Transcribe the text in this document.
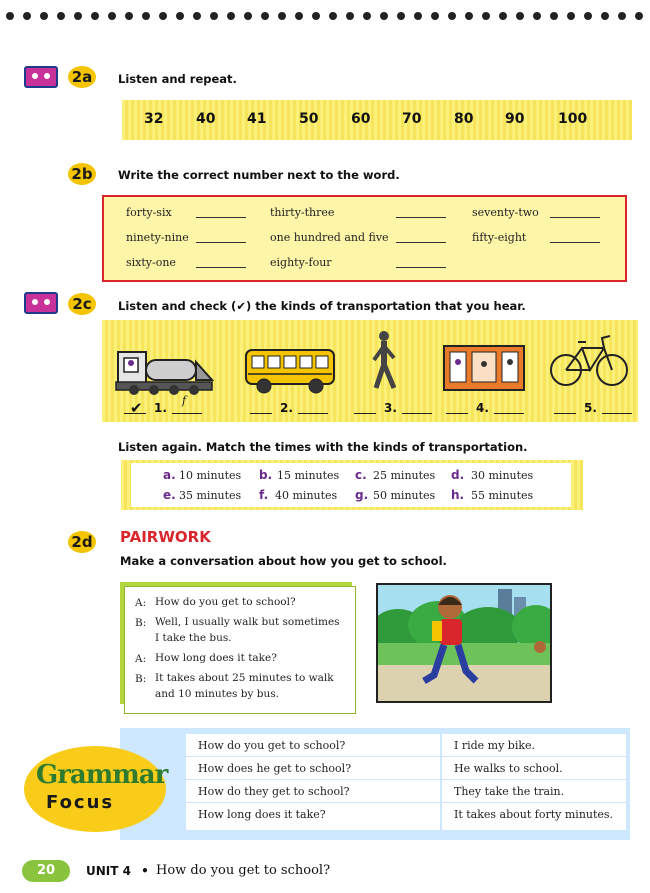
2a	Listen and repeat.
32 40 41 50 60 70 80 90 100
2b Write the correct number next to the word.
forty-six	thirty-three	seventy-two
ninety-nine	one hundred and five	fifty-eight
sixty-one	eighty-four
2c	Listen and check (✔) the kinds of transportation that you hear.
✔ 1.
f
2.	3.	4.	5.
Listen again. Match the times with the kinds of transportation.
a. 10 minutes b. 15 minutes c. 25 minutes d. 30 minutes
e. 35 minutes f. 40 minutes g. 50 minutes h. 55 minutes
2d PAIRWORK
Make a conversation about how you get to school.
A: How do you get to school?
B: Well, I usually walk but sometimes
I take the bus.
A: How long does it take?
B: It takes about 25 minutes to walk
and 10 minutes by bus.
How do you get to school?	I ride my bike.
How does he get to school?	He walks to school.
How do they get to school?	They take the train.
How long does it take?	It takes about forty minutes.
Grammar
Focus
20	UNIT 4 • How do you get to school?
